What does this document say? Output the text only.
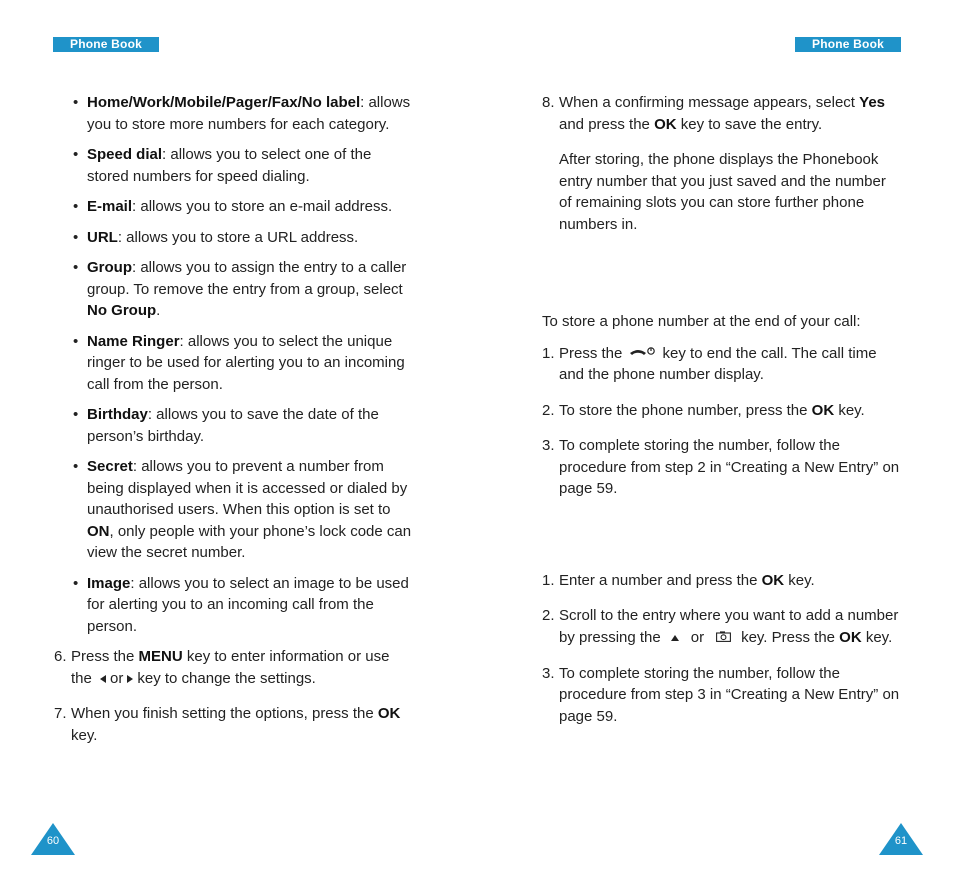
Phone Book	Phone Book
• Home/Work/Mobile/Pager/Fax/No label: allows you to store more numbers for each category.
• Speed dial: allows you to select one of the stored numbers for speed dialing.
• E-mail: allows you to store an e-mail address.
• URL: allows you to store a URL address.
• Group: allows you to assign the entry to a caller group. To remove the entry from a group, select No Group.
• Name Ringer: allows you to select the unique ringer to be used for alerting you to an incoming call from the person.
• Birthday: allows you to save the date of the person’s birthday.
• Secret: allows you to prevent a number from being displayed when it is accessed or dialed by unauthorised users. When this option is set to ON, only people with your phone’s lock code can view the secret number.
• Image: allows you to select an image to be used for alerting you to an incoming call from the person.
6. Press the MENU key to enter information or use the or key to change the settings.
7. When you finish setting the options, press the OK key.
8. When a confirming message appears, select Yes and press the OK key to save the entry.
After storing, the phone displays the Phonebook entry number that you just saved and the number of remaining slots you can store further phone numbers in.
To store a phone number at the end of your call:
1. Press the	key to end the call. The call time and the phone number display.
2. To store the phone number, press the OK key.
3. To complete storing the number, follow the procedure from step 2 in “Creating a New Entry” on page 59.
1. Enter a number and press the OK key.
2. Scroll to the entry where you want to add a number by pressing the or key. Press the OK key.
3. To complete storing the number, follow the procedure from step 3 in “Creating a New Entry” on page 59.
60	61
